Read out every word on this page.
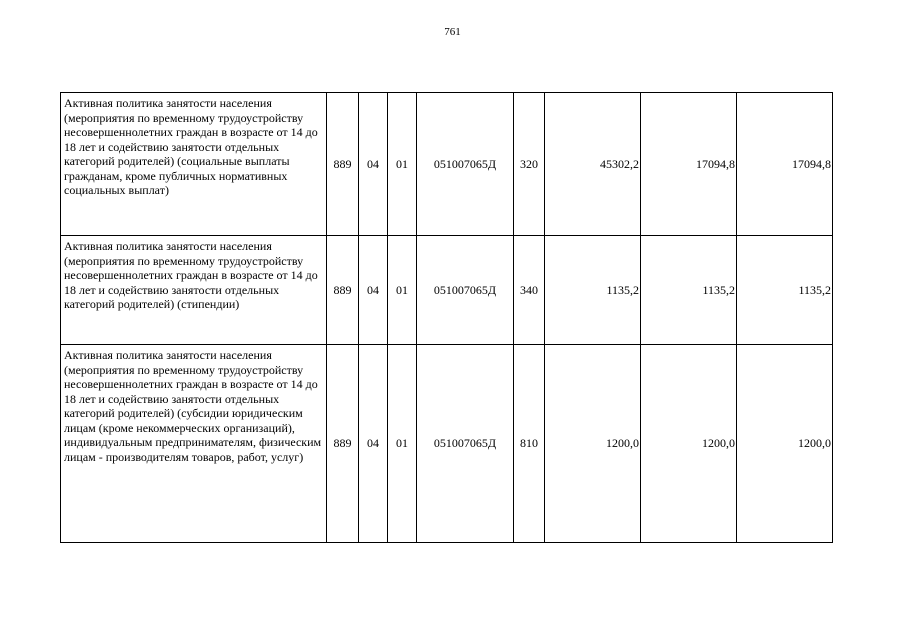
761
Активная политика занятости населения (мероприятия по временному трудоустройству несовершеннолетних граждан в возрасте от 14 до 18 лет и содействию занятости отдельных категорий родителей) (социальные выплаты гражданам, кроме публичных нормативных социальных выплат)	889	04	01	051007065Д	320	45302,2	17094,8	17094,8
Активная политика занятости населения (мероприятия по временному трудоустройству несовершеннолетних граждан в возрасте от 14 до 18 лет и содействию занятости отдельных категорий родителей) (стипендии)	889	04	01	051007065Д	340	1135,2	1135,2	1135,2
Активная политика занятости населения (мероприятия по временному трудоустройству несовершеннолетних граждан в возрасте от 14 до 18 лет и содействию занятости отдельных категорий родителей) (субсидии юридическим лицам (кроме некоммерческих организаций), индивидуальным предпринимателям, физическим лицам - производителям товаров, работ, услуг)	889	04	01	051007065Д	810	1200,0	1200,0	1200,0
